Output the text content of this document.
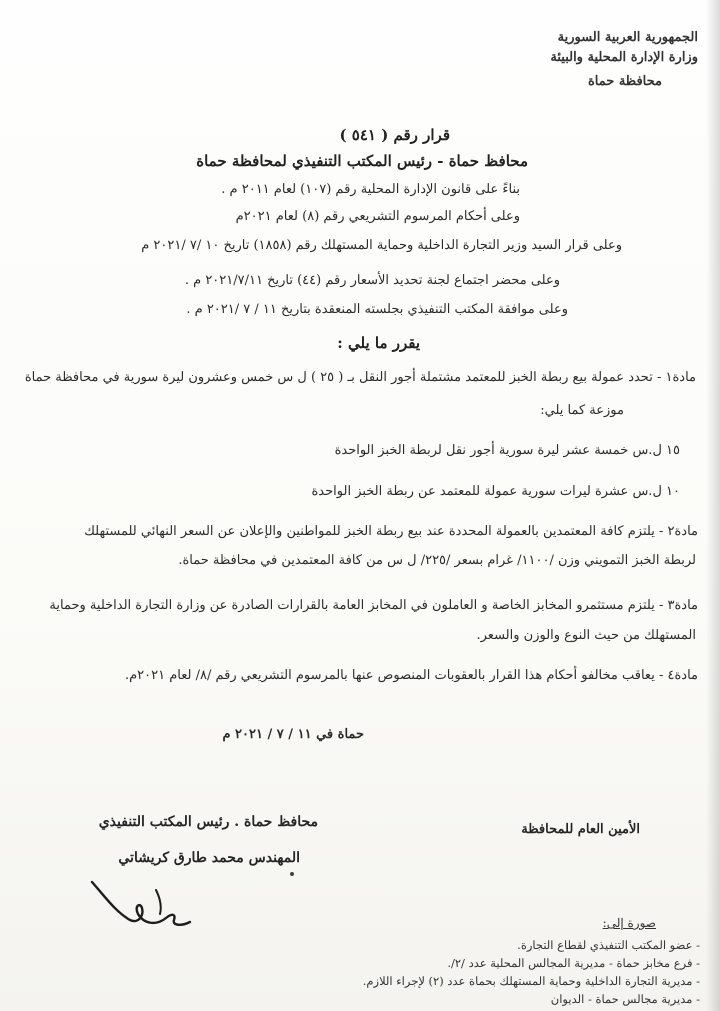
الجمهورية العربية السورية
وزارة الإدارة المحلية والبيئة
محافظة حماة
قرار رقم ( ٥٤١ )
محافظ حماة - رئيس المكتب التنفيذي لمحافظة حماة
بناءً على قانون الإدارة المحلية رقم (١٠٧) لعام ٢٠١١ م .
وعلى أحكام المرسوم التشريعي رقم (٨) لعام ٢٠٢١م
وعلى قرار السيد وزير التجارة الداخلية وحماية المستهلك رقم (١٨٥٨) تاريخ ١٠ /٧ /٢٠٢١ م
وعلى محضر اجتماع لجنة تحديد الأسعار رقم (٤٤) تاريخ ٢٠٢١/٧/١١ م .
وعلى موافقة المكتب التنفيذي بجلسته المنعقدة بتاريخ ١١ / ٧ /٢٠٢١ م .
يقرر ما يلي :
مادة١ - تحدد عمولة بيع ربطة الخبز للمعتمد مشتملة أجور النقل بـ ( ٢٥ ) ل س خمس وعشرون ليرة سورية في محافظة حماة
موزعة كما يلي:
١٥ ل.س خمسة عشر ليرة سورية أجور نقل لربطة الخبز الواحدة
١٠ ل.س عشرة ليرات سورية عمولة للمعتمد عن ربطة الخبز الواحدة
مادة٢ - يلتزم كافة المعتمدين بالعمولة المحددة عند بيع ربطة الخبز للمواطنين والإعلان عن السعر النهائي للمستهلك
لربطة الخبز التمويني وزن /١١٠٠/ غرام بسعر /٢٢٥/ ل س من كافة المعتمدين في محافظة حماة.
مادة٣ - يلتزم مستثمرو المخابز الخاصة و العاملون في المخابز العامة بالقرارات الصادرة عن وزارة التجارة الداخلية وحماية
المستهلك من حيث النوع والوزن والسعر.
مادة٤ - يعاقب مخالفو أحكام هذا القرار بالعقوبات المنصوص عنها بالمرسوم التشريعي رقم /٨/ لعام ٢٠٢١م.
حماة في ١١ / ٧ / ٢٠٢١ م
محافظ حماة . رئيس المكتب التنفيذي
المهندس محمد طارق كريشاتي
الأمين العام للمحافظة
صورة إلى:
- عضو المكتب التنفيذي لقطاع التجارة.
- فرع مخابز حماة - مديرية المجالس المحلية عدد /٢/.
- مديرية التجارة الداخلية وحماية المستهلك بحماة عدد (٢) لإجراء اللازم.
- مديرية مجالس حماة - الديوان
